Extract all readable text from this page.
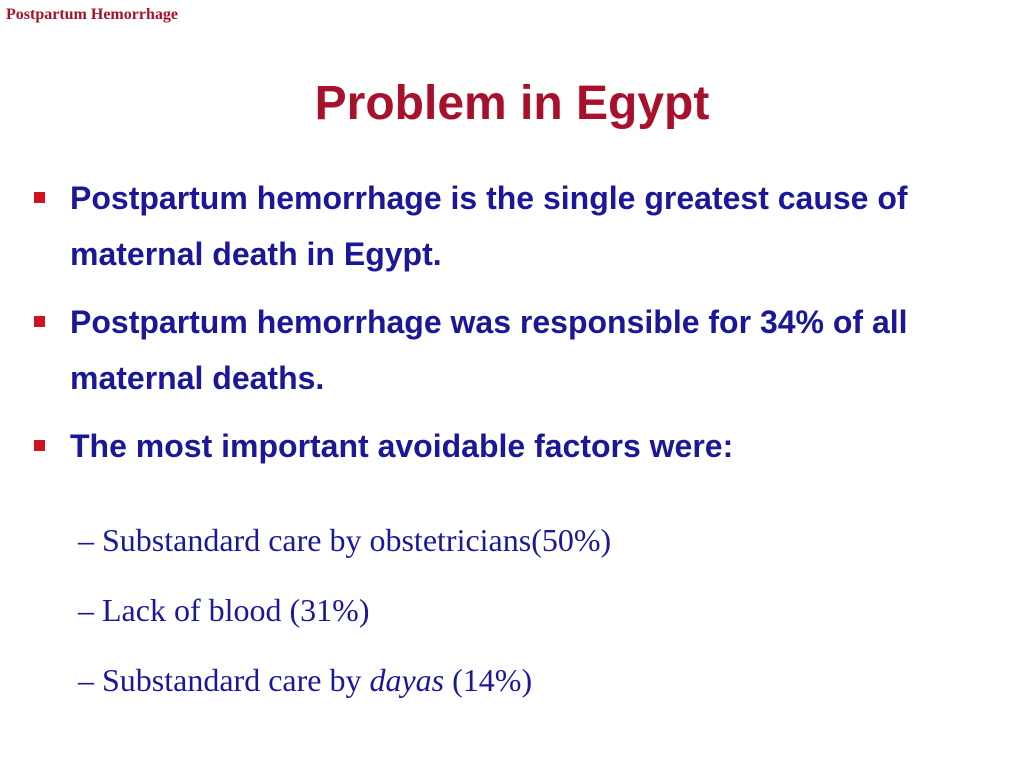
Postpartum Hemorrhage
Problem in Egypt
Postpartum hemorrhage is the single greatest cause of maternal death in Egypt.
Postpartum hemorrhage was responsible for 34% of all maternal deaths.
The most important avoidable factors were:
– Substandard care by obstetricians(50%)
– Lack of blood (31%)
– Substandard care by dayas (14%)
